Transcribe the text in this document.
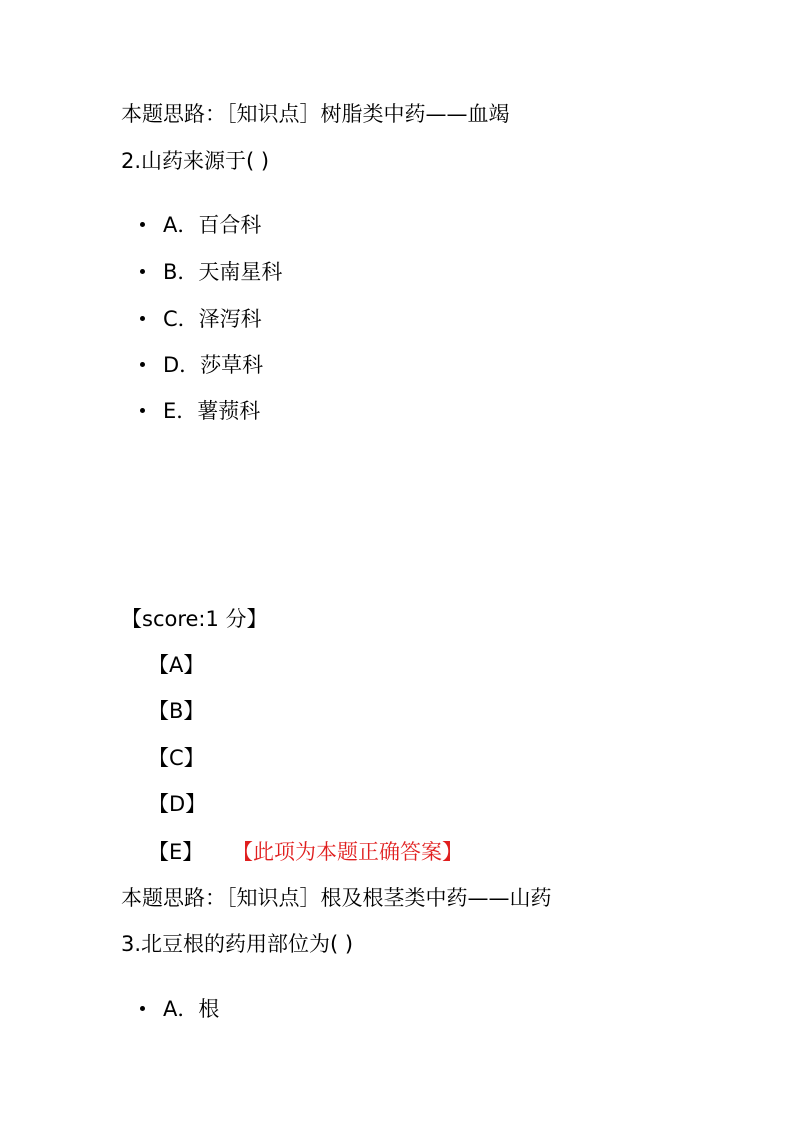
本题思路：［知识点］树脂类中药——血竭
2.山药来源于( )
A．百合科
B．天南星科
C．泽泻科
D．莎草科
E．薯蓣科
【score:1 分】
【A】
【B】
【C】
【D】
【E】 【此项为本题正确答案】
本题思路：［知识点］根及根茎类中药——山药
3.北豆根的药用部位为( )
A．根
